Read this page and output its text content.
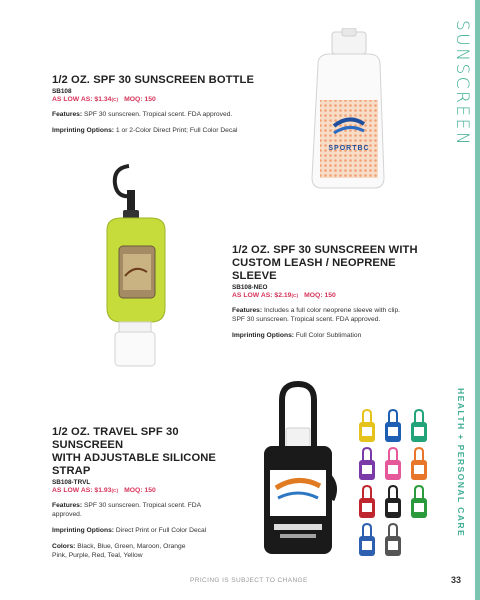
SUNSCREEN
HEALTH + PERSONAL CARE
1/2 OZ. SPF 30 SUNSCREEN BOTTLE
SB108
AS LOW AS: $1.34(C) MOQ: 150
Features: SPF 30 sunscreen. Tropical scent. FDA approved.
Imprinting Options: 1 or 2-Color Direct Print; Full Color Decal
SPORTBC
1/2 OZ. SPF 30 SUNSCREEN WITH
CUSTOM LEASH / NEOPRENE SLEEVE
SB108-NEO
AS LOW AS: $2.19(C) MOQ: 150
Features: Includes a full color neoprene sleeve with clip.
SPF 30 sunscreen. Tropical scent. FDA approved.
Imprinting Options: Full Color Sublimation
1/2 OZ. TRAVEL SPF 30 SUNSCREEN
WITH ADJUSTABLE SILICONE STRAP
SB108-TRVL
AS LOW AS: $1.93(C) MOQ: 150
Features: SPF 30 sunscreen. Tropical scent. FDA
approved.
Imprinting Options: Direct Print or Full Color Decal
Colors: Black, Blue, Green, Maroon, Orange
Pink, Purple, Red, Teal, Yellow
PRICING IS SUBJECT TO CHANGE	33
